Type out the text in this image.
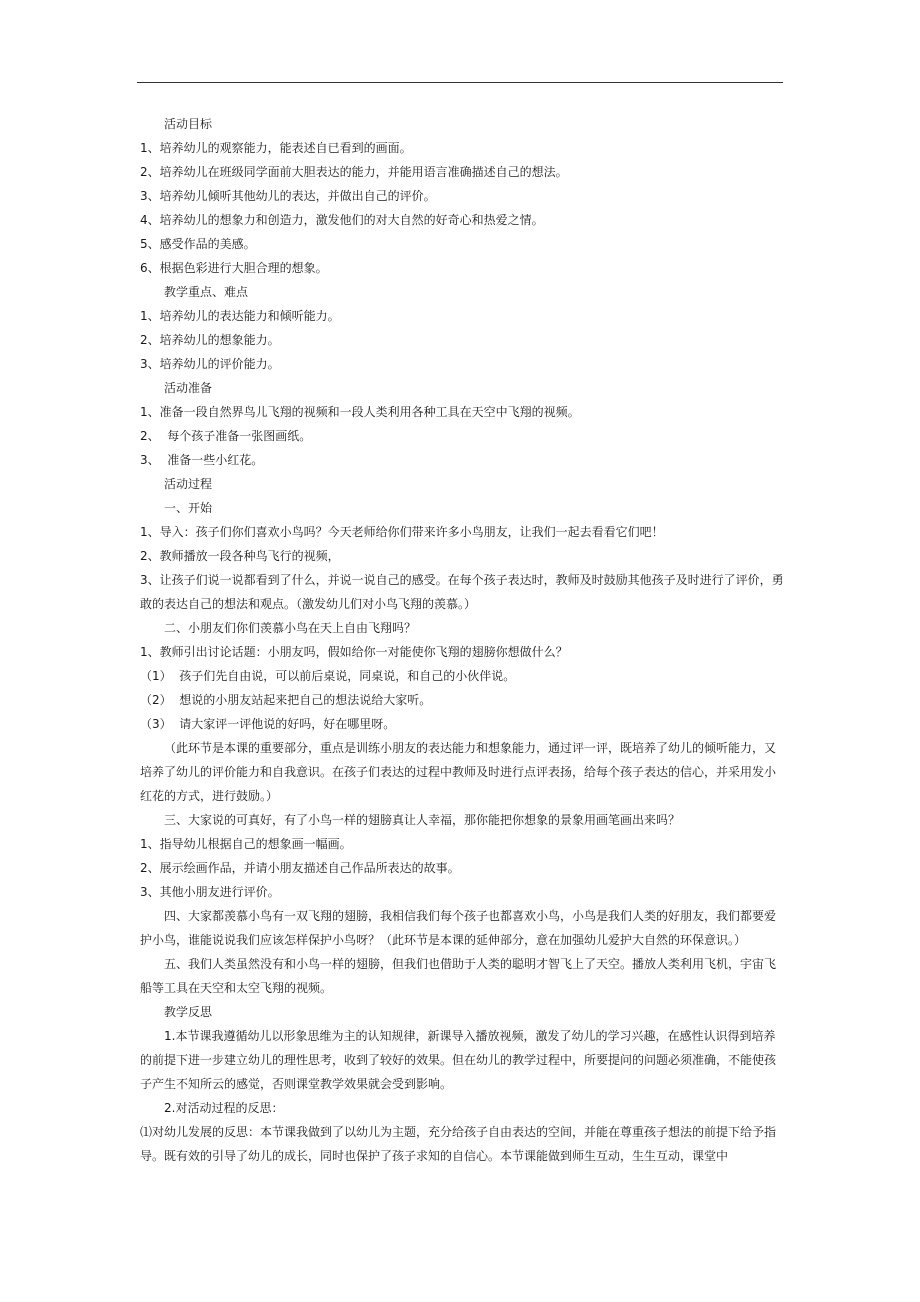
活动目标
1、培养幼儿的观察能力，能表述自已看到的画面。
2、培养幼儿在班级同学面前大胆表达的能力，并能用语言准确描述自己的想法。
3、培养幼儿倾听其他幼儿的表达，并做出自己的评价。
4、培养幼儿的想象力和创造力，激发他们的对大自然的好奇心和热爱之情。
5、感受作品的美感。
6、根据色彩进行大胆合理的想象。
教学重点、难点
1、培养幼儿的表达能力和倾听能力。
2、培养幼儿的想象能力。
3、培养幼儿的评价能力。
活动准备
1、准备一段自然界鸟儿飞翔的视频和一段人类利用各种工具在天空中飞翔的视频。
2、  每个孩子准备一张图画纸。
3、  准备一些小红花。
活动过程
一、开始
1、导入：孩子们你们喜欢小鸟吗？今天老师给你们带来许多小鸟朋友，让我们一起去看看它们吧！
2、教师播放一段各种鸟飞行的视频，
3、让孩子们说一说都看到了什么，并说一说自己的感受。在每个孩子表达时，教师及时鼓励其他孩子及时进行了评价，勇敢的表达自己的想法和观点。（激发幼儿们对小鸟飞翔的羡慕。）
二、小朋友们你们羡慕小鸟在天上自由飞翔吗？
1、教师引出讨论话题：小朋友吗，假如给你一对能使你飞翔的翅膀你想做什么？
（1）  孩子们先自由说，可以前后桌说，同桌说，和自己的小伙伴说。
（2）  想说的小朋友站起来把自己的想法说给大家听。
（3）  请大家评一评他说的好吗，好在哪里呀。
（此环节是本课的重要部分，重点是训练小朋友的表达能力和想象能力，通过评一评，既培养了幼儿的倾听能力，又培养了幼儿的评价能力和自我意识。在孩子们表达的过程中教师及时进行点评表扬，给每个孩子表达的信心，并采用发小红花的方式，进行鼓励。）
三、大家说的可真好，有了小鸟一样的翅膀真让人幸福，那你能把你想象的景象用画笔画出来吗？
1、指导幼儿根据自己的想象画一幅画。
2、展示绘画作品，并请小朋友描述自己作品所表达的故事。
3、其他小朋友进行评价。
四、大家都羡慕小鸟有一双飞翔的翅膀，我相信我们每个孩子也都喜欢小鸟，小鸟是我们人类的好朋友，我们都要爱护小鸟，谁能说说我们应该怎样保护小鸟呀？（此环节是本课的延伸部分，意在加强幼儿爱护大自然的环保意识。）
五、我们人类虽然没有和小鸟一样的翅膀，但我们也借助于人类的聪明才智飞上了天空。播放人类利用飞机，宇宙飞船等工具在天空和太空飞翔的视频。
教学反思
1.本节课我遵循幼儿以形象思维为主的认知规律，新课导入播放视频，激发了幼儿的学习兴趣，在感性认识得到培养的前提下进一步建立幼儿的理性思考，收到了较好的效果。但在幼儿的教学过程中，所要提问的问题必须准确，不能使孩子产生不知所云的感觉，否则课堂教学效果就会受到影响。
2.对活动过程的反思：
⑴对幼儿发展的反思：本节课我做到了以幼儿为主题，充分给孩子自由表达的空间，并能在尊重孩子想法的前提下给予指导。既有效的引导了幼儿的成长，同时也保护了孩子求知的自信心。本节课能做到师生互动，生生互动，课堂中
